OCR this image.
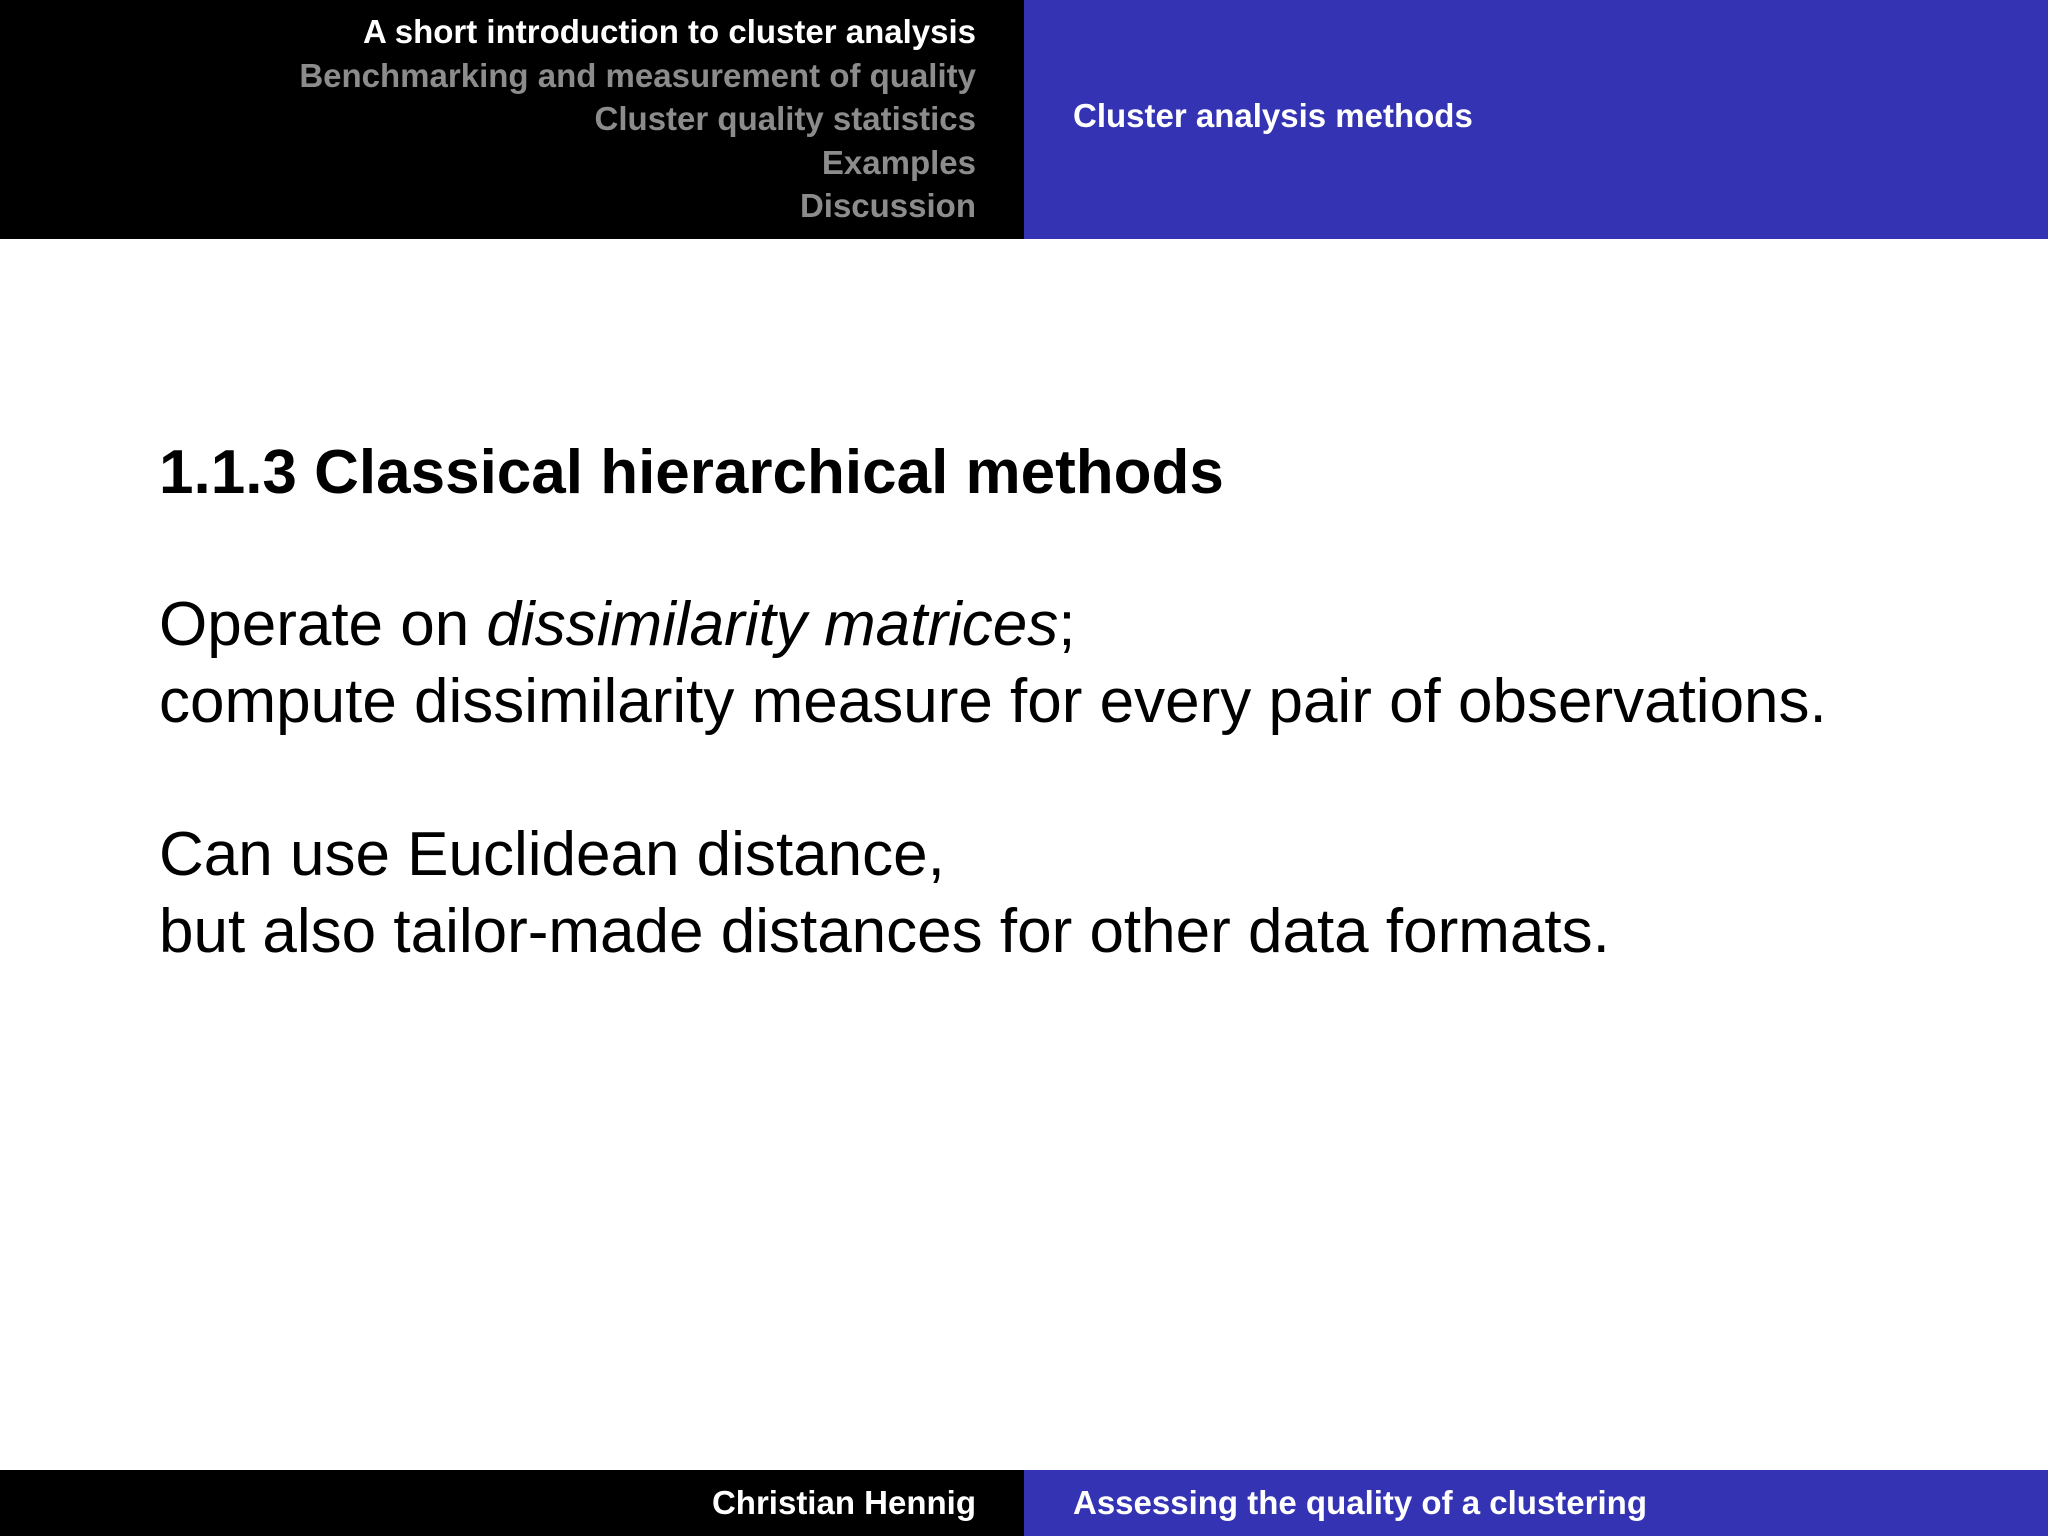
A short introduction to cluster analysis
Benchmarking and measurement of quality
Cluster quality statistics
Examples
Discussion
Cluster analysis methods
1.1.3 Classical hierarchical methods

Operate on dissimilarity matrices;
compute dissimilarity measure for every pair of observations.

Can use Euclidean distance,
but also tailor-made distances for other data formats.

Christian Hennig	Assessing the quality of a clustering
